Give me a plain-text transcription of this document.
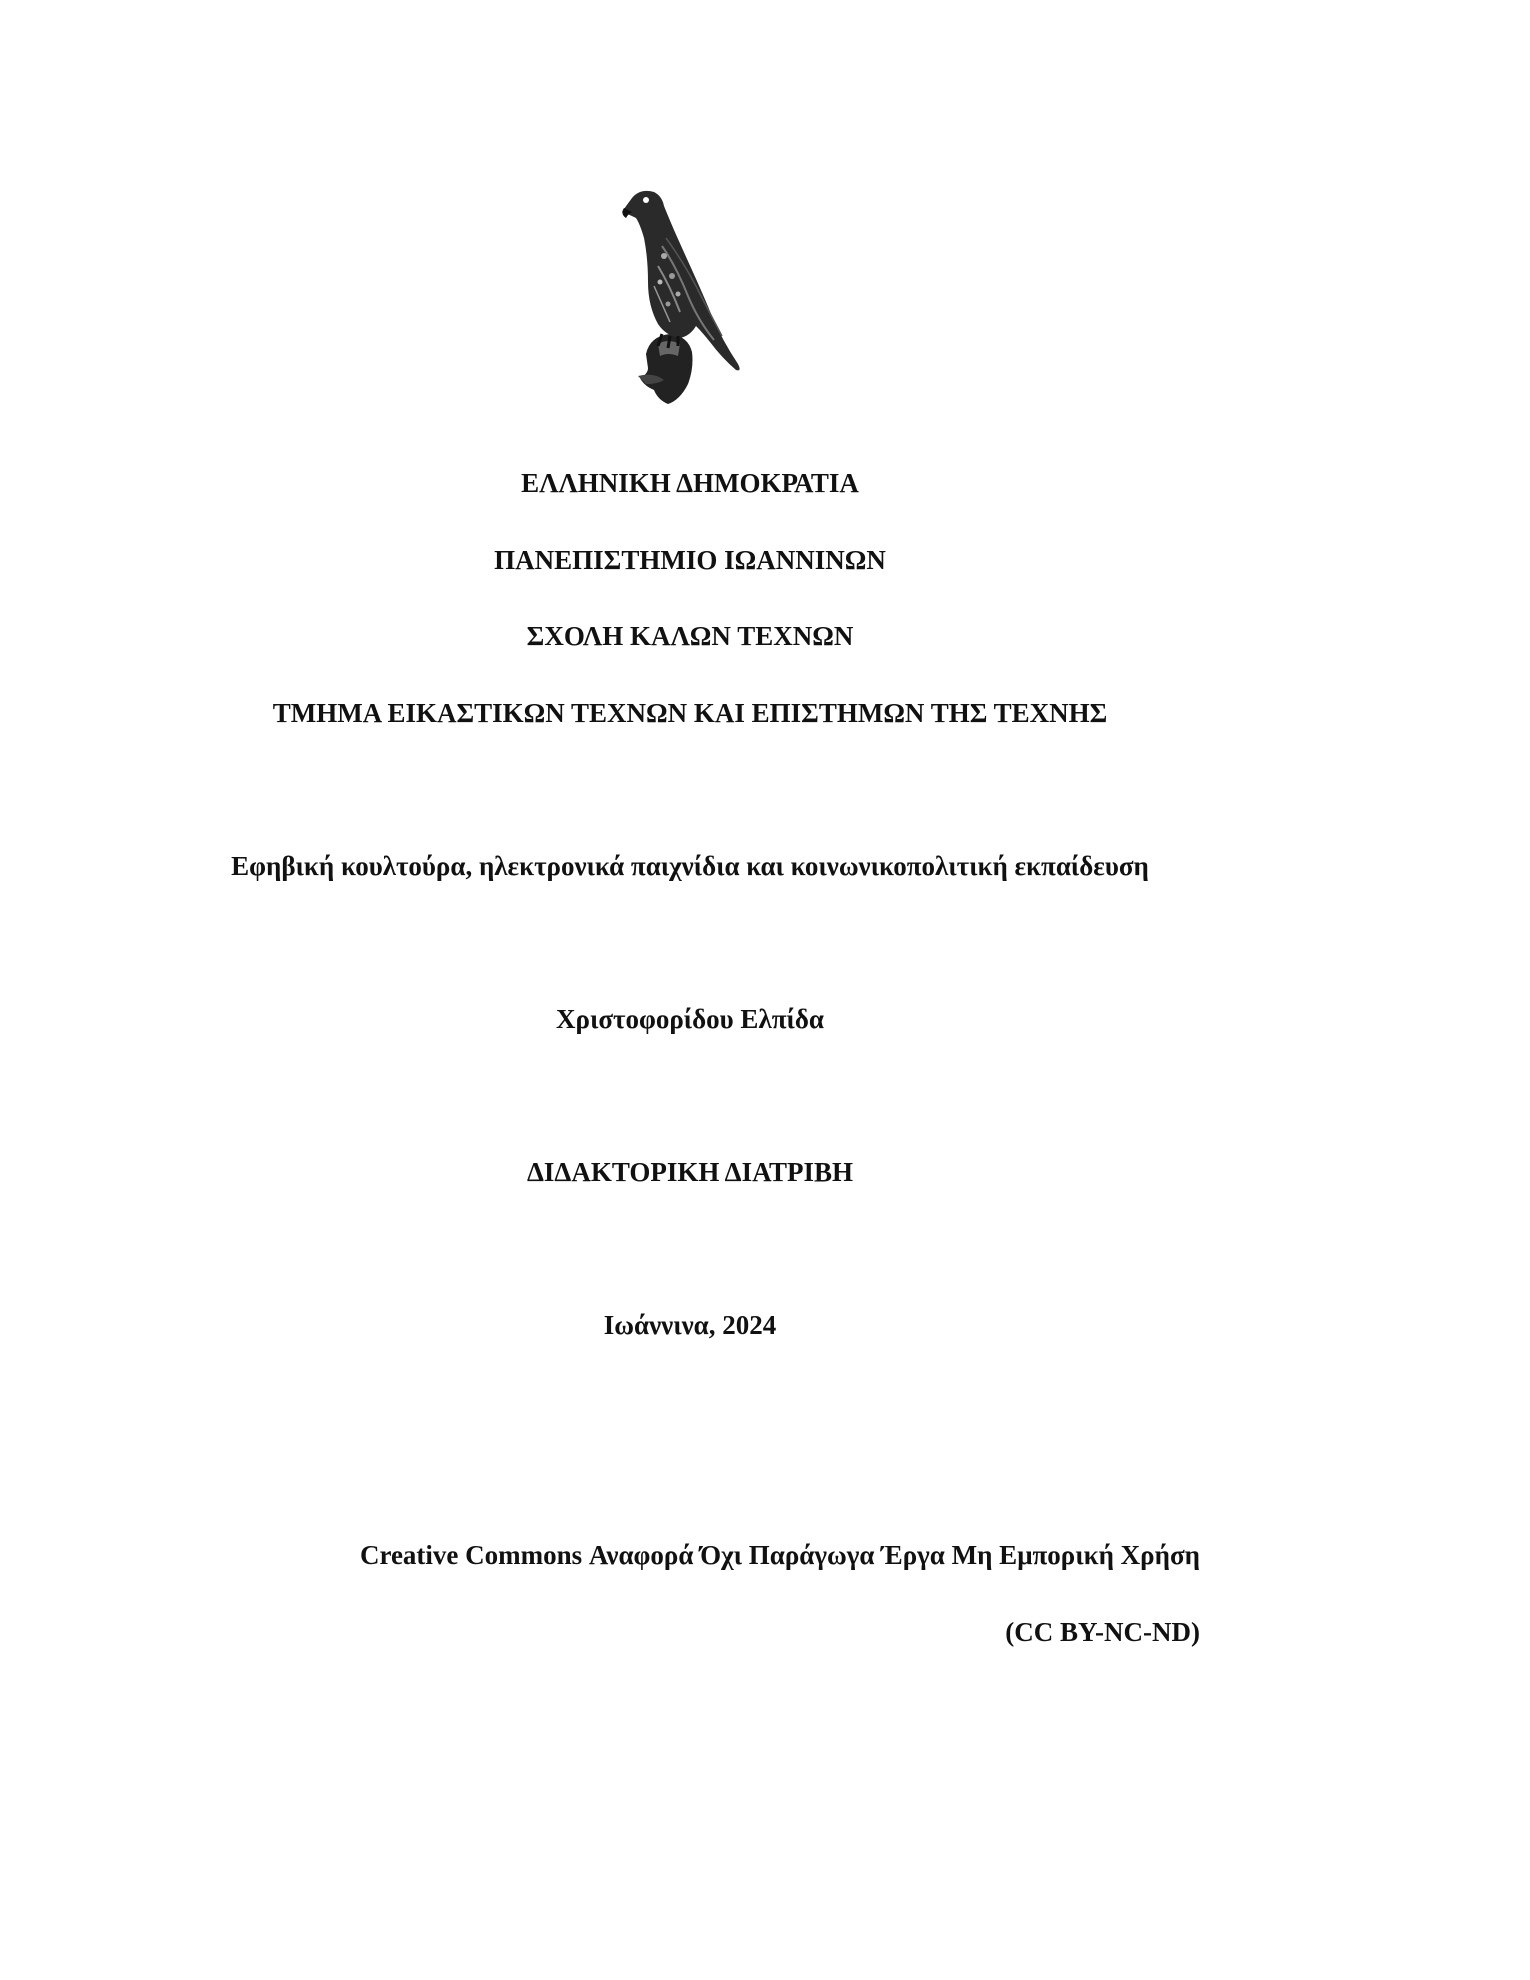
ΕΛΛΗΝΙΚΗ ΔΗΜΟΚΡΑΤΙΑ
ΠΑΝΕΠΙΣΤΗΜΙΟ ΙΩΑΝΝΙΝΩΝ
ΣΧΟΛΗ ΚΑΛΩΝ ΤΕΧΝΩΝ
ΤΜΗΜΑ ΕΙΚΑΣΤΙΚΩΝ ΤΕΧΝΩΝ ΚΑΙ ΕΠΙΣΤΗΜΩΝ ΤΗΣ ΤΕΧΝΗΣ
Εφηβική κουλτούρα, ηλεκτρονικά παιχνίδια και κοινωνικοπολιτική εκπαίδευση
Χριστοφορίδου Ελπίδα
ΔΙΔΑΚΤΟΡΙΚΗ ΔΙΑΤΡΙΒΗ
Ιωάννινα, 2024
Creative Commons Αναφορά Όχι Παράγωγα Έργα Μη Εμπορική Χρήση
(CC BY-NC-ND)
